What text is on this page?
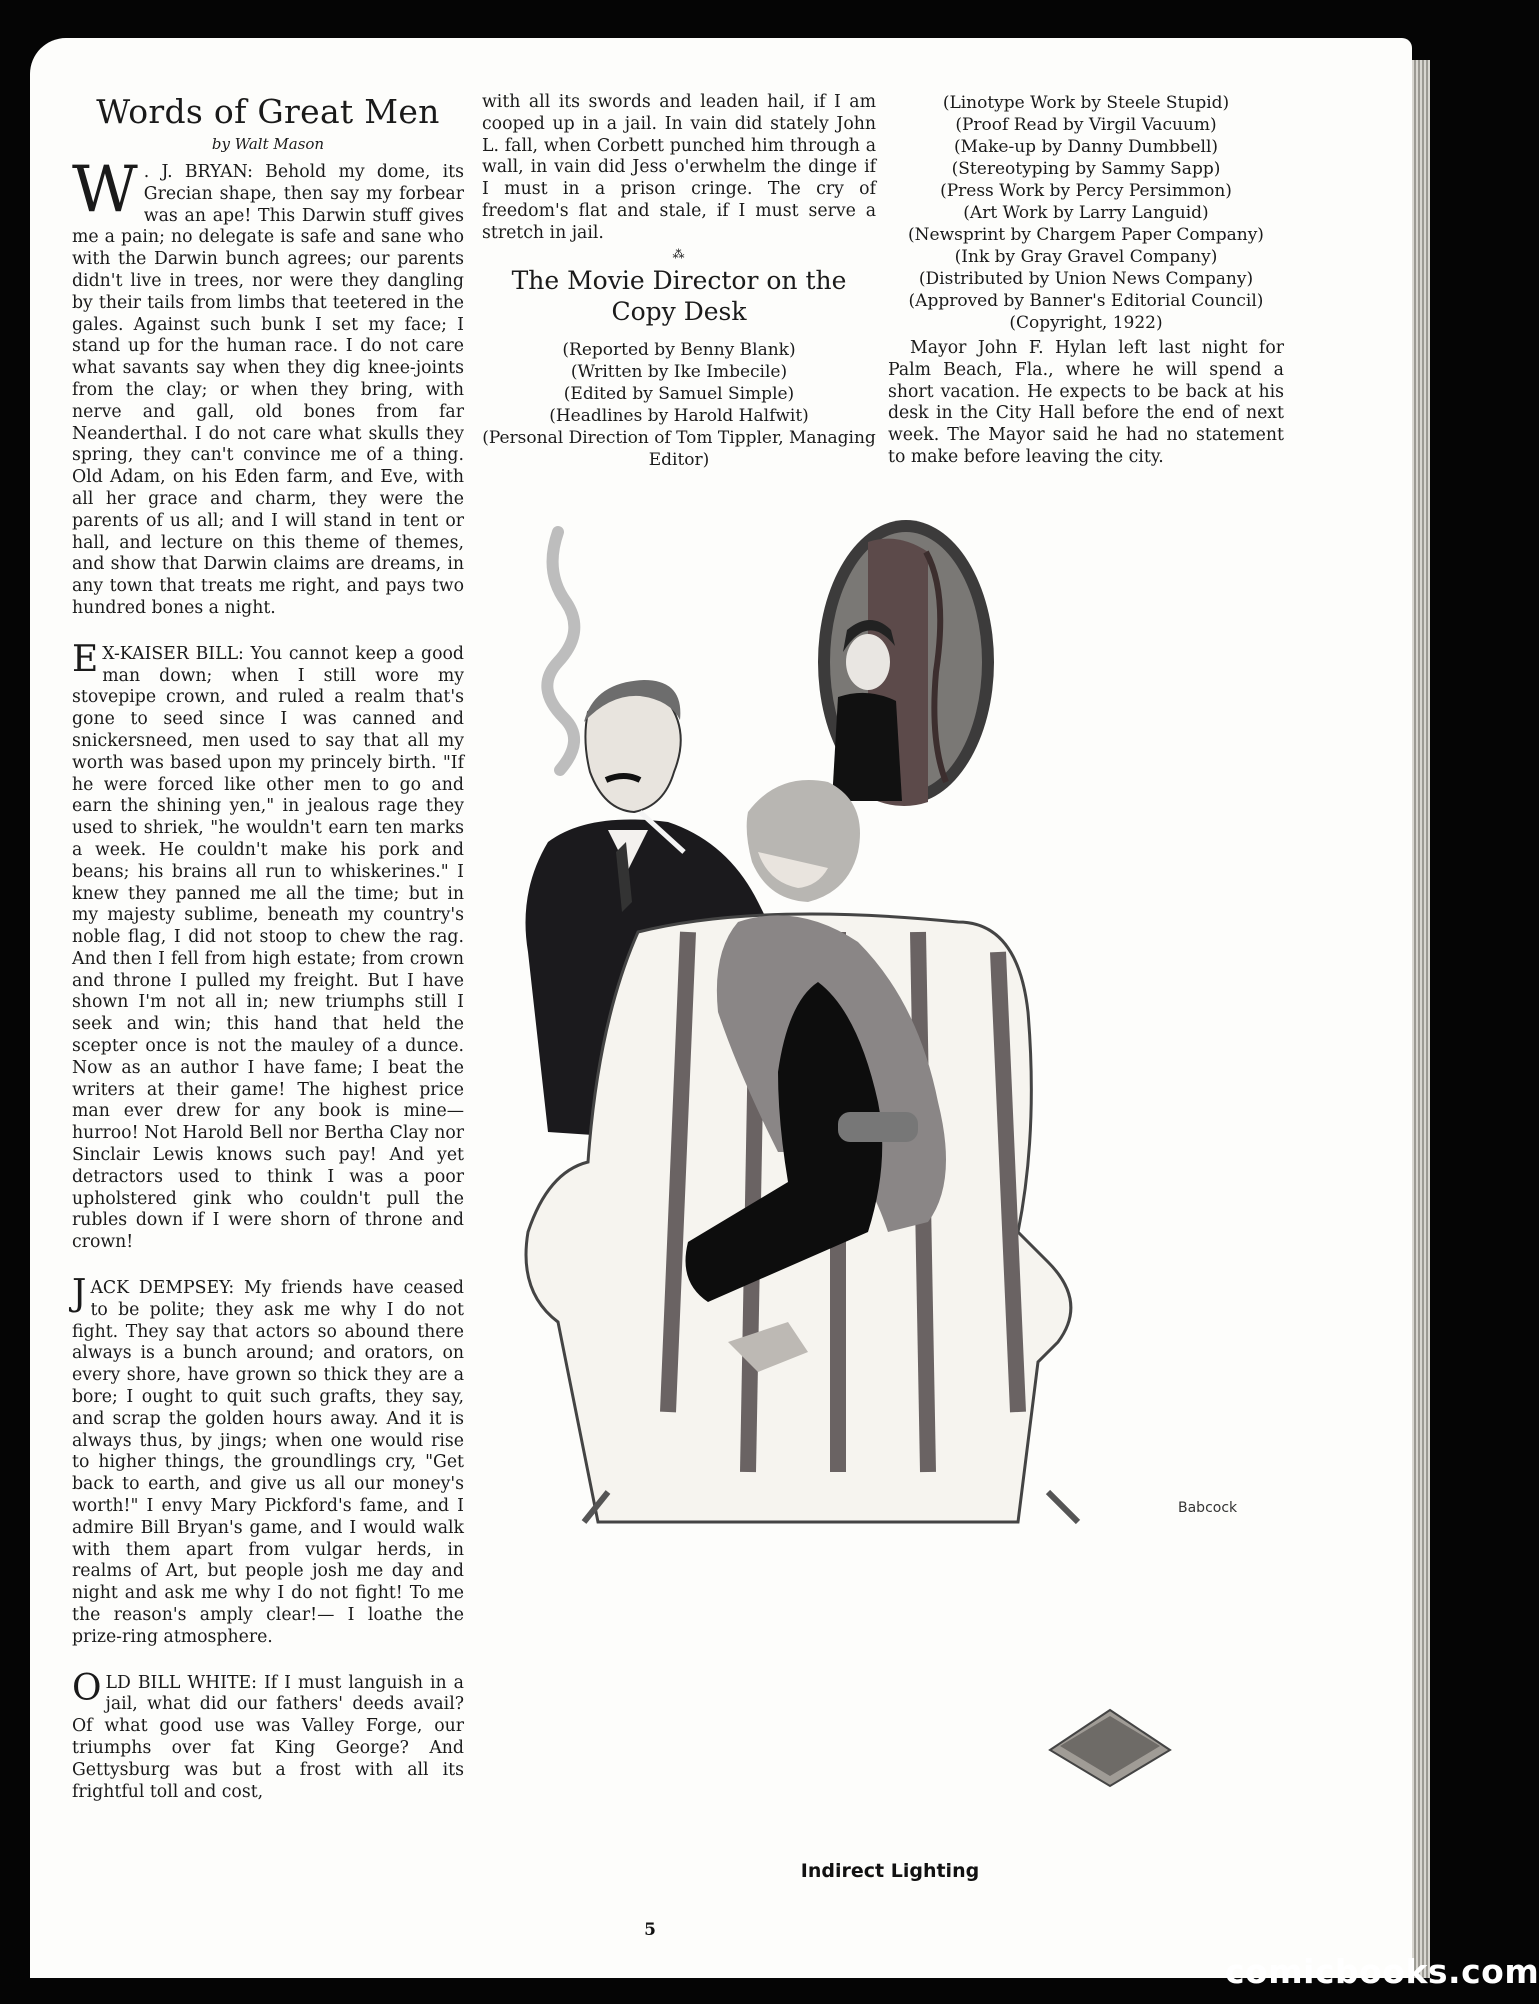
Words of Great Men
by Walt Mason
W . J. BRYAN: Behold my dome, its Grecian shape, then say my forbear was an ape! This Darwin stuff gives me a pain; no delegate is safe and sane who with the Darwin bunch agrees; our parents didn't live in trees, nor were they dangling by their tails from limbs that teetered in the gales. Against such bunk I set my face; I stand up for the human race. I do not care what savants say when they dig knee-joints from the clay; or when they bring, with nerve and gall, old bones from far Neanderthal. I do not care what skulls they spring, they can't convince me of a thing. Old Adam, on his Eden farm, and Eve, with all her grace and charm, they were the parents of us all; and I will stand in tent or hall, and lecture on this theme of themes, and show that Darwin claims are dreams, in any town that treats me right, and pays two hundred bones a night.

E X-KAISER BILL: You cannot keep a good man down; when I still wore my stovepipe crown, and ruled a realm that's gone to seed since I was canned and snickersneed, men used to say that all my worth was based upon my princely birth. "If he were forced like other men to go and earn the shining yen," in jealous rage they used to shriek, "he wouldn't earn ten marks a week. He couldn't make his pork and beans; his brains all run to whiskerines." I knew they panned me all the time; but in my majesty sublime, beneath my country's noble flag, I did not stoop to chew the rag. And then I fell from high estate; from crown and throne I pulled my freight. But I have shown I'm not all in; new triumphs still I seek and win; this hand that held the scepter once is not the mauley of a dunce. Now as an author I have fame; I beat the writers at their game! The highest price man ever drew for any book is mine—hurroo! Not Harold Bell nor Bertha Clay nor Sinclair Lewis knows such pay! And yet detractors used to think I was a poor upholstered gink who couldn't pull the rubles down if I were shorn of throne and crown!

J ACK DEMPSEY: My friends have ceased to be polite; they ask me why I do not fight. They say that actors so abound there always is a bunch around; and orators, on every shore, have grown so thick they are a bore; I ought to quit such grafts, they say, and scrap the golden hours away. And it is always thus, by jings; when one would rise to higher things, the groundlings cry, "Get back to earth, and give us all our money's worth!" I envy Mary Pickford's fame, and I admire Bill Bryan's game, and I would walk with them apart from vulgar herds, in realms of Art, but people josh me day and night and ask me why I do not fight! To me the reason's amply clear!— I loathe the prize-ring atmosphere.

O LD BILL WHITE: If I must languish in a jail, what did our fathers' deeds avail? Of what good use was Valley Forge, our triumphs over fat King George? And Gettysburg was but a frost with all its frightful toll and cost,

with all its swords and leaden hail, if I am cooped up in a jail. In vain did stately John L. fall, when Corbett punched him through a wall, in vain did Jess o'erwhelm the dinge if I must in a prison cringe. The cry of freedom's flat and stale, if I must serve a stretch in jail.

⁂
The Movie Director on the Copy Desk

(Reported by Benny Blank)

(Written by Ike Imbecile)

(Edited by Samuel Simple)

(Headlines by Harold Halfwit)

(Personal Direction of Tom Tippler, Managing Editor)

(Linotype Work by Steele Stupid)

(Proof Read by Virgil Vacuum)

(Make-up by Danny Dumbbell)

(Stereotyping by Sammy Sapp)

(Press Work by Percy Persimmon)

(Art Work by Larry Languid)

(Newsprint by Chargem Paper Company)

(Ink by Gray Gravel Company)

(Distributed by Union News Company)

(Approved by Banner's Editorial Council)

(Copyright, 1922)

Mayor John F. Hylan left last night for Palm Beach, Fla., where he will spend a short vacation. He expects to be back at his desk in the City Hall before the end of next week. The Mayor said he had no statement to make before leaving the city.

Babcock
Indirect Lighting
5
comicbooks.com
